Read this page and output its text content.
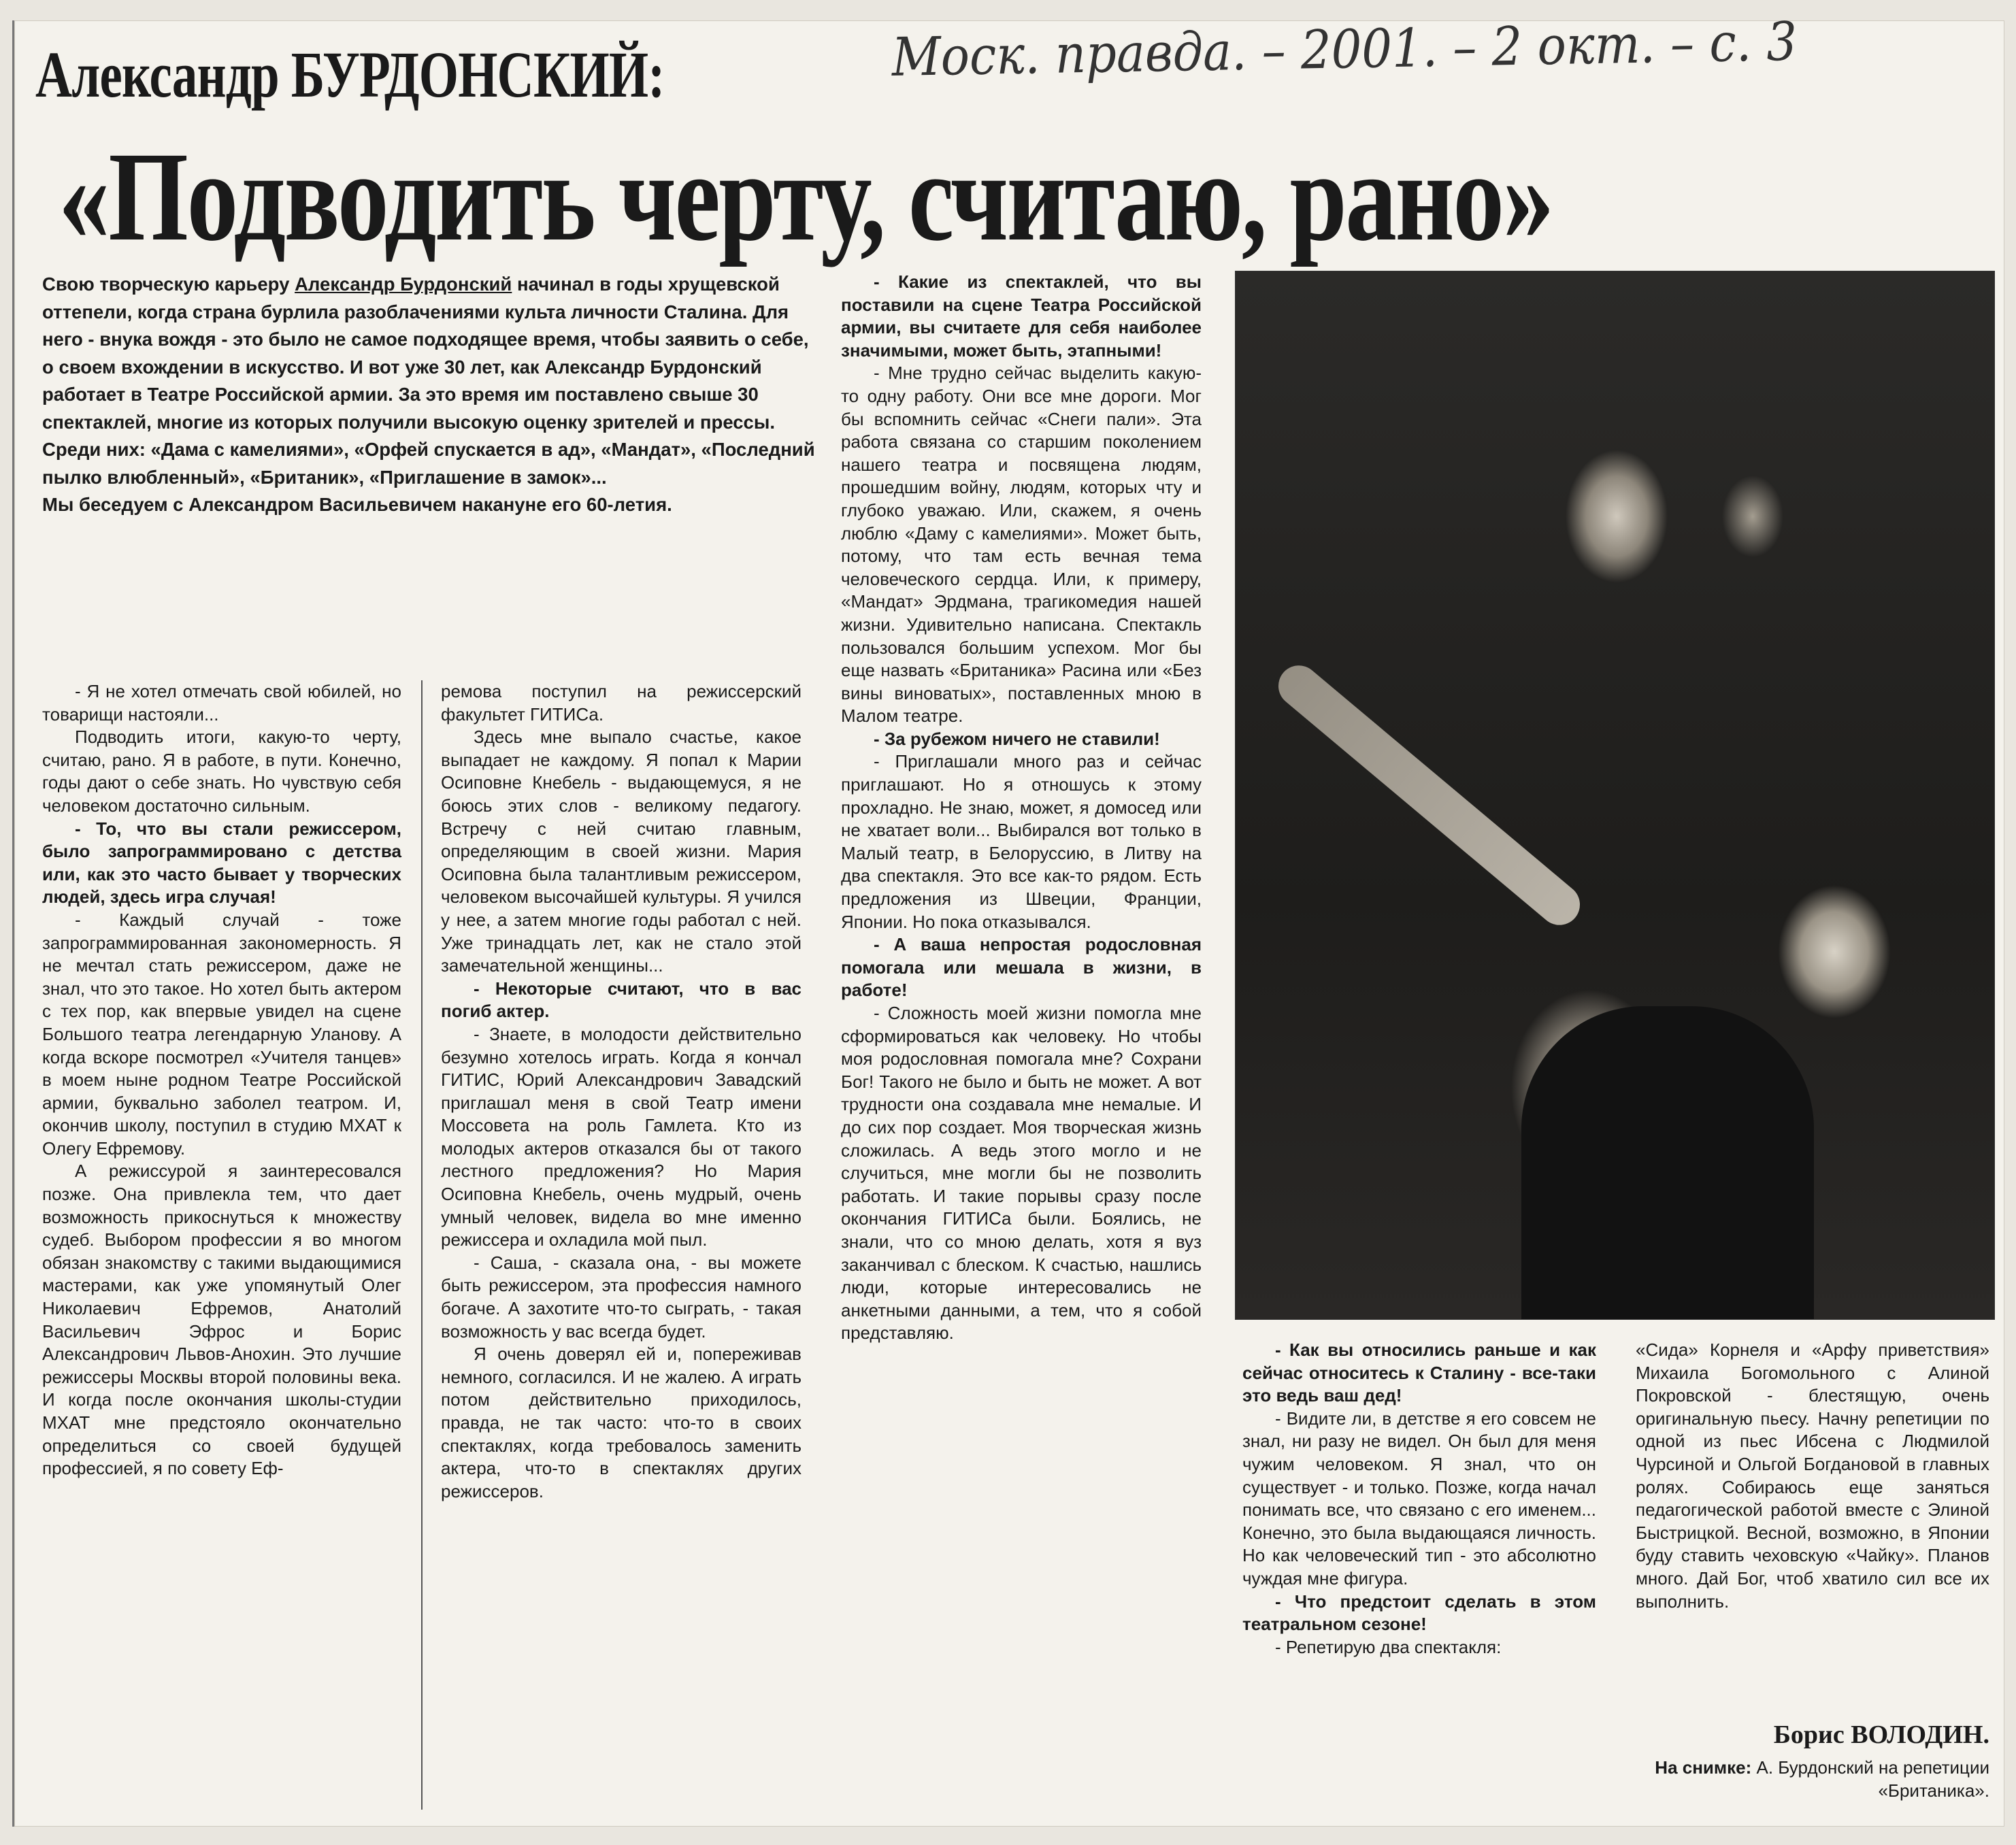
Александр БУРДОНСКИЙ:	Моск. правда. – 2001. – 2 окт. – с. 3
«Подводить черту, считаю, рано»

Свою творческую карьеру Александр Бурдонский начинал в годы хрущевской оттепели, когда страна бурлила разоблачениями культа личности Сталина. Для него - внука вождя - это было не самое подходящее время, чтобы заявить о себе, о своем вхождении в искусство. И вот уже 30 лет, как Александр Бурдонский работает в Театре Российской армии. За это время им поставлено свыше 30 спектаклей, многие из которых получили высокую оценку зрителей и прессы. Среди них: «Дама с камелиями», «Орфей спускается в ад», «Мандат», «Последний пылко влюбленный», «Британик», «Приглашение в замок»...

Мы беседуем с Александром Васильевичем накануне его 60-летия.

- Я не хотел отмечать свой юбилей, но товарищи настояли...

Подводить итоги, какую-то черту, считаю, рано. Я в работе, в пути. Конечно, годы дают о себе знать. Но чувствую себя человеком достаточно сильным.

- То, что вы стали режиссером, было запрограммировано с детства или, как это часто бывает у творческих людей, здесь игра случая!

- Каждый случай - тоже запрограммированная закономерность. Я не мечтал стать режиссером, даже не знал, что это такое. Но хотел быть актером с тех пор, как впервые увидел на сцене Большого театра легендарную Уланову. А когда вскоре посмотрел «Учителя танцев» в моем ныне родном Театре Российской армии, буквально заболел театром. И, окончив школу, поступил в студию МХАТ к Олегу Ефремову.

А режиссурой я заинтересовался позже. Она привлекла тем, что дает возможность прикоснуться к множеству судеб. Выбором профессии я во многом обязан знакомству с такими выдающимися мастерами, как уже упомянутый Олег Николаевич Ефремов, Анатолий Васильевич Эфрос и Борис Александрович Львов-Анохин. Это лучшие режиссеры Москвы второй половины века. И когда после окончания школы-студии МХАТ мне предстояло окончательно определиться со своей будущей профессией, я по совету Еф-

ремова поступил на режиссерский факультет ГИТИСа.

Здесь мне выпало счастье, какое выпадает не каждому. Я попал к Марии Осиповне Кнебель - выдающемуся, я не боюсь этих слов - великому педагогу. Встречу с ней считаю главным, определяющим в своей жизни. Мария Осиповна была талантливым режиссером, человеком высочайшей культуры. Я учился у нее, а затем многие годы работал с ней. Уже тринадцать лет, как не стало этой замечательной женщины...

- Некоторые считают, что в вас погиб актер.

- Знаете, в молодости действительно безумно хотелось играть. Когда я кончал ГИТИС, Юрий Александрович Завадский приглашал меня в свой Театр имени Моссовета на роль Гамлета. Кто из молодых актеров отказался бы от такого лестного предложения? Но Мария Осиповна Кнебель, очень мудрый, очень умный человек, видела во мне именно режиссера и охладила мой пыл.

- Саша, - сказала она, - вы можете быть режиссером, эта профессия намного богаче. А захотите что-то сыграть, - такая возможность у вас всегда будет.

Я очень доверял ей и, попереживав немного, согласился. И не жалею. А играть потом действительно приходилось, правда, не так часто: что-то в своих спектаклях, когда требовалось заменить актера, что-то в спектаклях других режиссеров.

- Какие из спектаклей, что вы поставили на сцене Театра Российской армии, вы считаете для себя наиболее значимыми, может быть, этапными!

- Мне трудно сейчас выделить какую-то одну работу. Они все мне дороги. Мог бы вспомнить сейчас «Снеги пали». Эта работа связана со старшим поколением нашего театра и посвящена людям, прошедшим войну, людям, которых чту и глубоко уважаю. Или, скажем, я очень люблю «Даму с камелиями». Может быть, потому, что там есть вечная тема человеческого сердца. Или, к примеру, «Мандат» Эрдмана, трагикомедия нашей жизни. Удивительно написана. Спектакль пользовался большим успехом. Мог бы еще назвать «Британика» Расина или «Без вины виноватых», поставленных мною в Малом театре.

- За рубежом ничего не ставили!

- Приглашали много раз и сейчас приглашают. Но я отношусь к этому прохладно. Не знаю, может, я домосед или не хватает воли... Выбирался вот только в Малый театр, в Белоруссию, в Литву на два спектакля. Это все как-то рядом. Есть предложения из Швеции, Франции, Японии. Но пока отказывался.

- А ваша непростая родословная помогала или мешала в жизни, в работе!

- Сложность моей жизни помогла мне сформироваться как человеку. Но чтобы моя родословная помогала мне? Сохрани Бог! Такого не было и быть не может. А вот трудности она создавала мне немалые. И до сих пор создает. Моя творческая жизнь сложилась. А ведь этого могло и не случиться, мне могли бы не позволить работать. И такие порывы сразу после окончания ГИТИСа были. Боялись, не знали, что со мною делать, хотя я вуз заканчивал с блеском. К счастью, нашлись люди, которые интересовались не анкетными данными, а тем, что я собой представляю.

- Как вы относились раньше и как сейчас относитесь к Сталину - все-таки это ведь ваш дед!

- Видите ли, в детстве я его совсем не знал, ни разу не видел. Он был для меня чужим человеком. Я знал, что он существует - и только. Позже, когда начал понимать все, что связано с его именем... Конечно, это была выдающаяся личность. Но как человеческий тип - это абсолютно чуждая мне фигура.

- Что предстоит сделать в этом театральном сезоне!

- Репетирую два спектакля:

«Сида» Корнеля и «Арфу приветствия» Михаила Богомольного с Алиной Покровской - блестящую, очень оригинальную пьесу. Начну репетиции по одной из пьес Ибсена с Людмилой Чурсиной и Ольгой Богдановой в главных ролях. Собираюсь еще заняться педагогической работой вместе с Элиной Быстрицкой. Весной, возможно, в Японии буду ставить чеховскую «Чайку». Планов много. Дай Бог, чтоб хватило сил все их выполнить.

Борис ВОЛОДИН.
На снимке: А. Бурдонский на репетиции «Британика».
